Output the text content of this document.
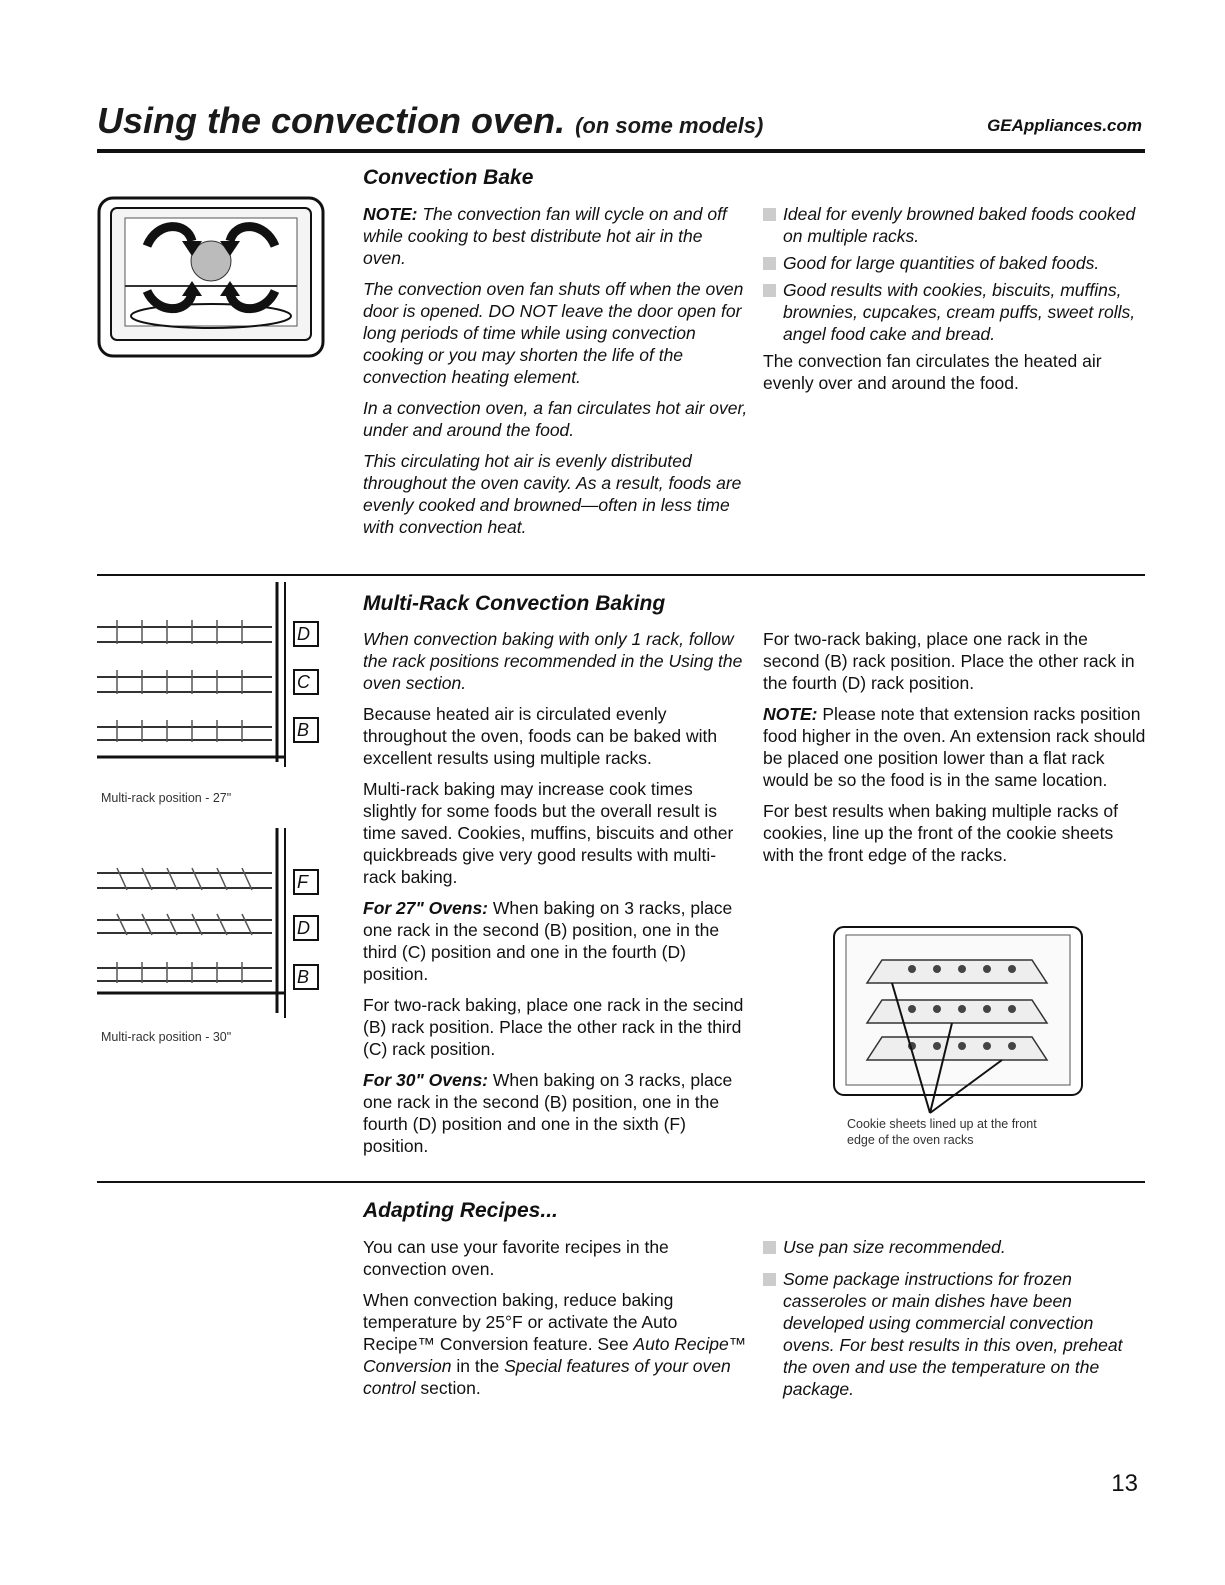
Using the convection oven. (on some models)	GEAppliances.com
Convection Bake

NOTE: The convection fan will cycle on and off while cooking to best distribute hot air in the oven.

The convection oven fan shuts off when the oven door is opened. DO NOT leave the door open for long periods of time while using convection cooking or you may shorten the life of the convection heating element.

In a convection oven, a fan circulates hot air over, under and around the food.

This circulating hot air is evenly distributed throughout the oven cavity. As a result, foods are evenly cooked and browned—often in less time with convection heat.

Ideal for evenly browned baked foods cooked on multiple racks.
Good for large quantities of baked foods.
Good results with cookies, biscuits, muffins, brownies, cupcakes, cream puffs, sweet rolls, angel food cake and bread.

The convection fan circulates the heated air evenly over and around the food.

D
C
B
Multi-rack position - 27"
F
D
B
Multi-rack position - 30"
Multi-Rack Convection Baking

When convection baking with only 1 rack, follow the rack positions recommended in the Using the oven section.

Because heated air is circulated evenly throughout the oven, foods can be baked with excellent results using multiple racks.

Multi-rack baking may increase cook times slightly for some foods but the overall result is time saved. Cookies, muffins, biscuits and other quickbreads give very good results with multi-rack baking.

For 27" Ovens: When baking on 3 racks, place one rack in the second (B) position, one in the third (C) position and one in the fourth (D) position.

For two-rack baking, place one rack in the secind (B) rack position. Place the other rack in the third (C) rack position.

For 30" Ovens: When baking on 3 racks, place one rack in the second (B) position, one in the fourth (D) position and one in the sixth (F) position.

For two-rack baking, place one rack in the second (B) rack position. Place the other rack in the fourth (D) rack position.

NOTE: Please note that extension racks position food higher in the oven. An extension rack should be placed one position lower than a flat rack would be so the food is in the same location.

For best results when baking multiple racks of cookies, line up the front of the cookie sheets with the front edge of the racks.

Cookie sheets lined up at the front
edge of the oven racks
Adapting Recipes...

You can use your favorite recipes in the convection oven.

When convection baking, reduce baking temperature by 25°F or activate the Auto Recipe™ Conversion feature. See Auto Recipe™ Conversion in the Special features of your oven control section.

Use pan size recommended.
Some package instructions for frozen casseroles or main dishes have been developed using commercial convection ovens. For best results in this oven, preheat the oven and use the temperature on the package.
13
